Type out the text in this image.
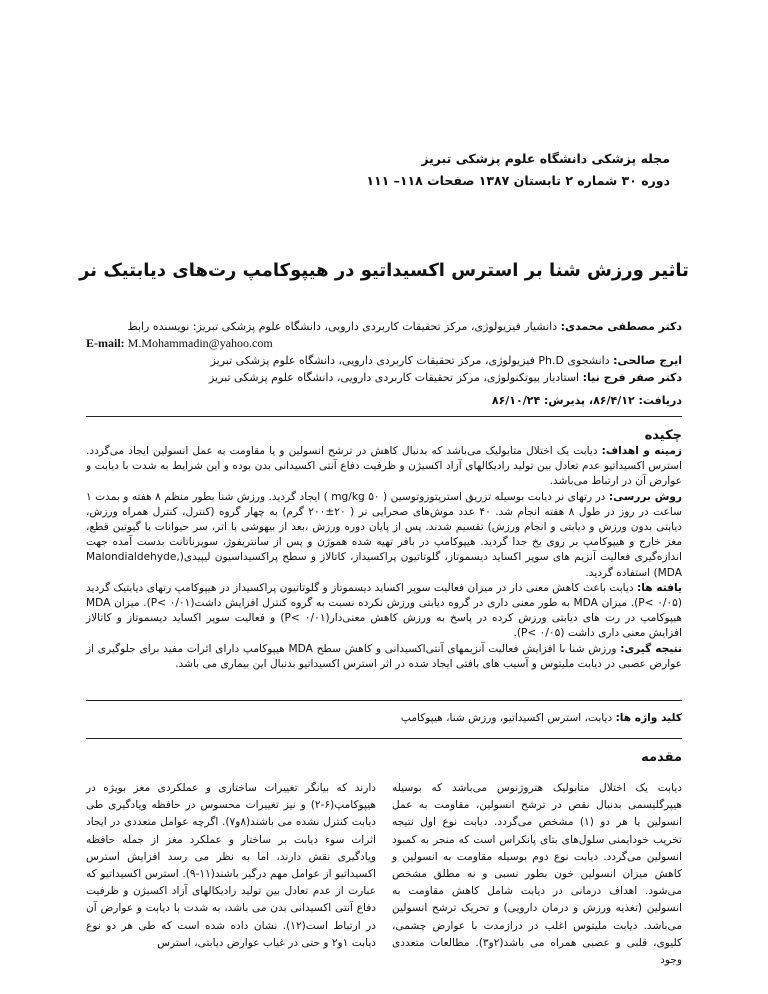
مجله پزشکی دانشگاه علوم پزشکی تبریز
دوره ۳۰ شماره ۲ تابستان ۱۳۸۷ صفحات ۱۱۸– ۱۱۱
تاثیر ورزش شنا بر استرس اکسیداتیو در هیپوکامپ رت‌های دیابتیک نر
دکتر مصطفی محمدی: دانشیار فیزیولوژی، مرکز تحقیقات کاربردی دارویی، دانشگاه علوم پزشکی تبریز: نویسنده رابط
E-mail: M.Mohammadin@yahoo.com
ایرج صالحی: دانشجوی Ph.D فیزیولوژی، مرکز تحقیقات کاربردی دارویی، دانشگاه علوم پزشکی تبریز
دکتر صفر فرج نیا: استادیار بیوتکنولوژی، مرکز تحقیقات کاربردی دارویی، دانشگاه علوم پزشکی تبریز
دریافت: ۸۶/۴/۱۲، پذیرش: ۸۶/۱۰/۲۴
چکیده

زمینه و اهداف: دیابت یک اختلال متابولیک می‌باشد که بدنبال کاهش در ترشح انسولین و یا مقاومت به عمل انسولین ایجاد می‌گردد. استرس اکسیداتیو عدم تعادل بین تولید رادیکالهای آزاد اکسیژن و ظرفیت دفاع آنتی اکسیدانی بدن بوده و این شرایط به شدت با دیابت و عوارض آن در ارتباط می‌باشد.

روش بررسی: در رتهای نر دیابت بوسیله تزریق استرپتوزوتوسین ( ۵۰ mg/kg ) ایجاد گردید. ورزش شنا بطور منظم ۸ هفته و بمدت ۱ ساعت در روز در طول ۸ هفته انجام شد. ۴۰ عدد موش‌های صحرایی نر ( ۲۰±۲۰۰ گرم) به چهار گروه (کنترل، کنترل همراه ورزش، دیابتی بدون ورزش و دیابتی و انجام ورزش) تقسیم شدند. پس از پایان دوره ورزش ،بعد از بیهوشی با اتر، سر حیوانات با گیوتین قطع، مغز خارج و هیپوکامپ بر روی یخ جدا گردید. هیپوکامپ در بافر تهیه شده هموژن و پس از سانتریفوژ، سوپرناتانت بدست آمده جهت اندازه‌گیری فعالیت آنزیم های سوپر اکساید دیسموتاز، گلوتاتیون پراکسیداز، کاتالاز و سطح پراکسیداسیون لیپیدی(Malondialdehyde, MDA) استفاده گردید.

یافته ها: دیابت باعث کاهش معنی دار در میزان فعالیت سوپر اکساید دیسموتاز و گلوتاتیون پراکسیداز در هیپوکامپ رتهای دیابتیک گردید (P< ۰/۰۵). میزان MDA به طور معنی داری در گروه دیابتی ورزش نکرده نسبت به گروه کنترل افزایش داشت(P< ۰/۰۱). میزان MDA هیپوکامپ در رت های دیابتی ورزش کرده در پاسخ به ورزش کاهش معنی‌دار(P< ۰/۰۱) و فعالیت سوپر اکساید دیسموتاز و کاتالاز افزایش معنی داری داشت (P< ۰/۰۵).

نتیجه گیری: ورزش شنا با افزایش فعالیت آنزیمهای آنتی‌اکسیدانی و کاهش سطح MDA هیپوکامپ دارای اثرات مفید برای جلوگیری از عوارض عصبی در دیابت ملیتوس و آسیب های بافتی ایجاد شده در اثر استرس اکسیداتیو بدنبال این بیماری می باشد.

کلید واژه ها: دیابت، استرس اکسیداتیو، ورزش شنا، هیپوکامپ
مقدمه

دیابت یک اختلال متابولیک هتروژنوس می‌باشد که بوسیله هیپرگلیسمی بدنبال نقص در ترشح انسولین، مقاومت به عمل انسولین یا هر دو (۱) مشخص می‌گردد. دیابت نوع اول نتیجه تخریب خودایمنی سلول‌های بتای پانکراس است که منجر به کمبود انسولین می‌گردد. دیابت نوع دوم بوسیله مقاومت به انسولین و کاهش میزان انسولین خون بطور نسبی و نه مطلق مشخص می‌شود. اهداف درمانی در دیابت شامل کاهش مقاومت به انسولین (تغذیه ورزش و درمان دارویی) و تحریک ترشح انسولین می‌باشد. دیابت ملیتوس اغلب در درازمدت با عوارض چشمی، کلیوی، قلبی و عصبی همراه می باشد(۲و۳). مطالعات متعددی وجود

دارند که بیانگر تغییرات ساختاری و عملکردی مغز بویژه در هیپوکامپ(۶-۲) و نیز تغییرات محسوس در حافظه ویادگیری طی دیابت کنترل نشده می باشند(۸و۷). اگرچه عوامل متعددی در ایجاد اثرات سوء دیابت بر ساختار و عملکرد مغز از جمله حافظه ویادگیری نقش دارند، اما به نظر می رسد افزایش استرس اکسیداتیو از عوامل مهم درگیر باشند(۱۱-۹). استرس اکسیداتیو که عبارت از عدم تعادل بین تولید رادیکالهای آزاد اکسیژن و ظرفیت دفاع آنتی اکسیدانی بدن می باشد، به شدت با دیابت و عوارض آن در ارتباط است(۱۲). نشان داده شده است که طی هر دو نوع دیابت ۱و۲ و حتی در غیاب عوارض دیابتی، استرس
